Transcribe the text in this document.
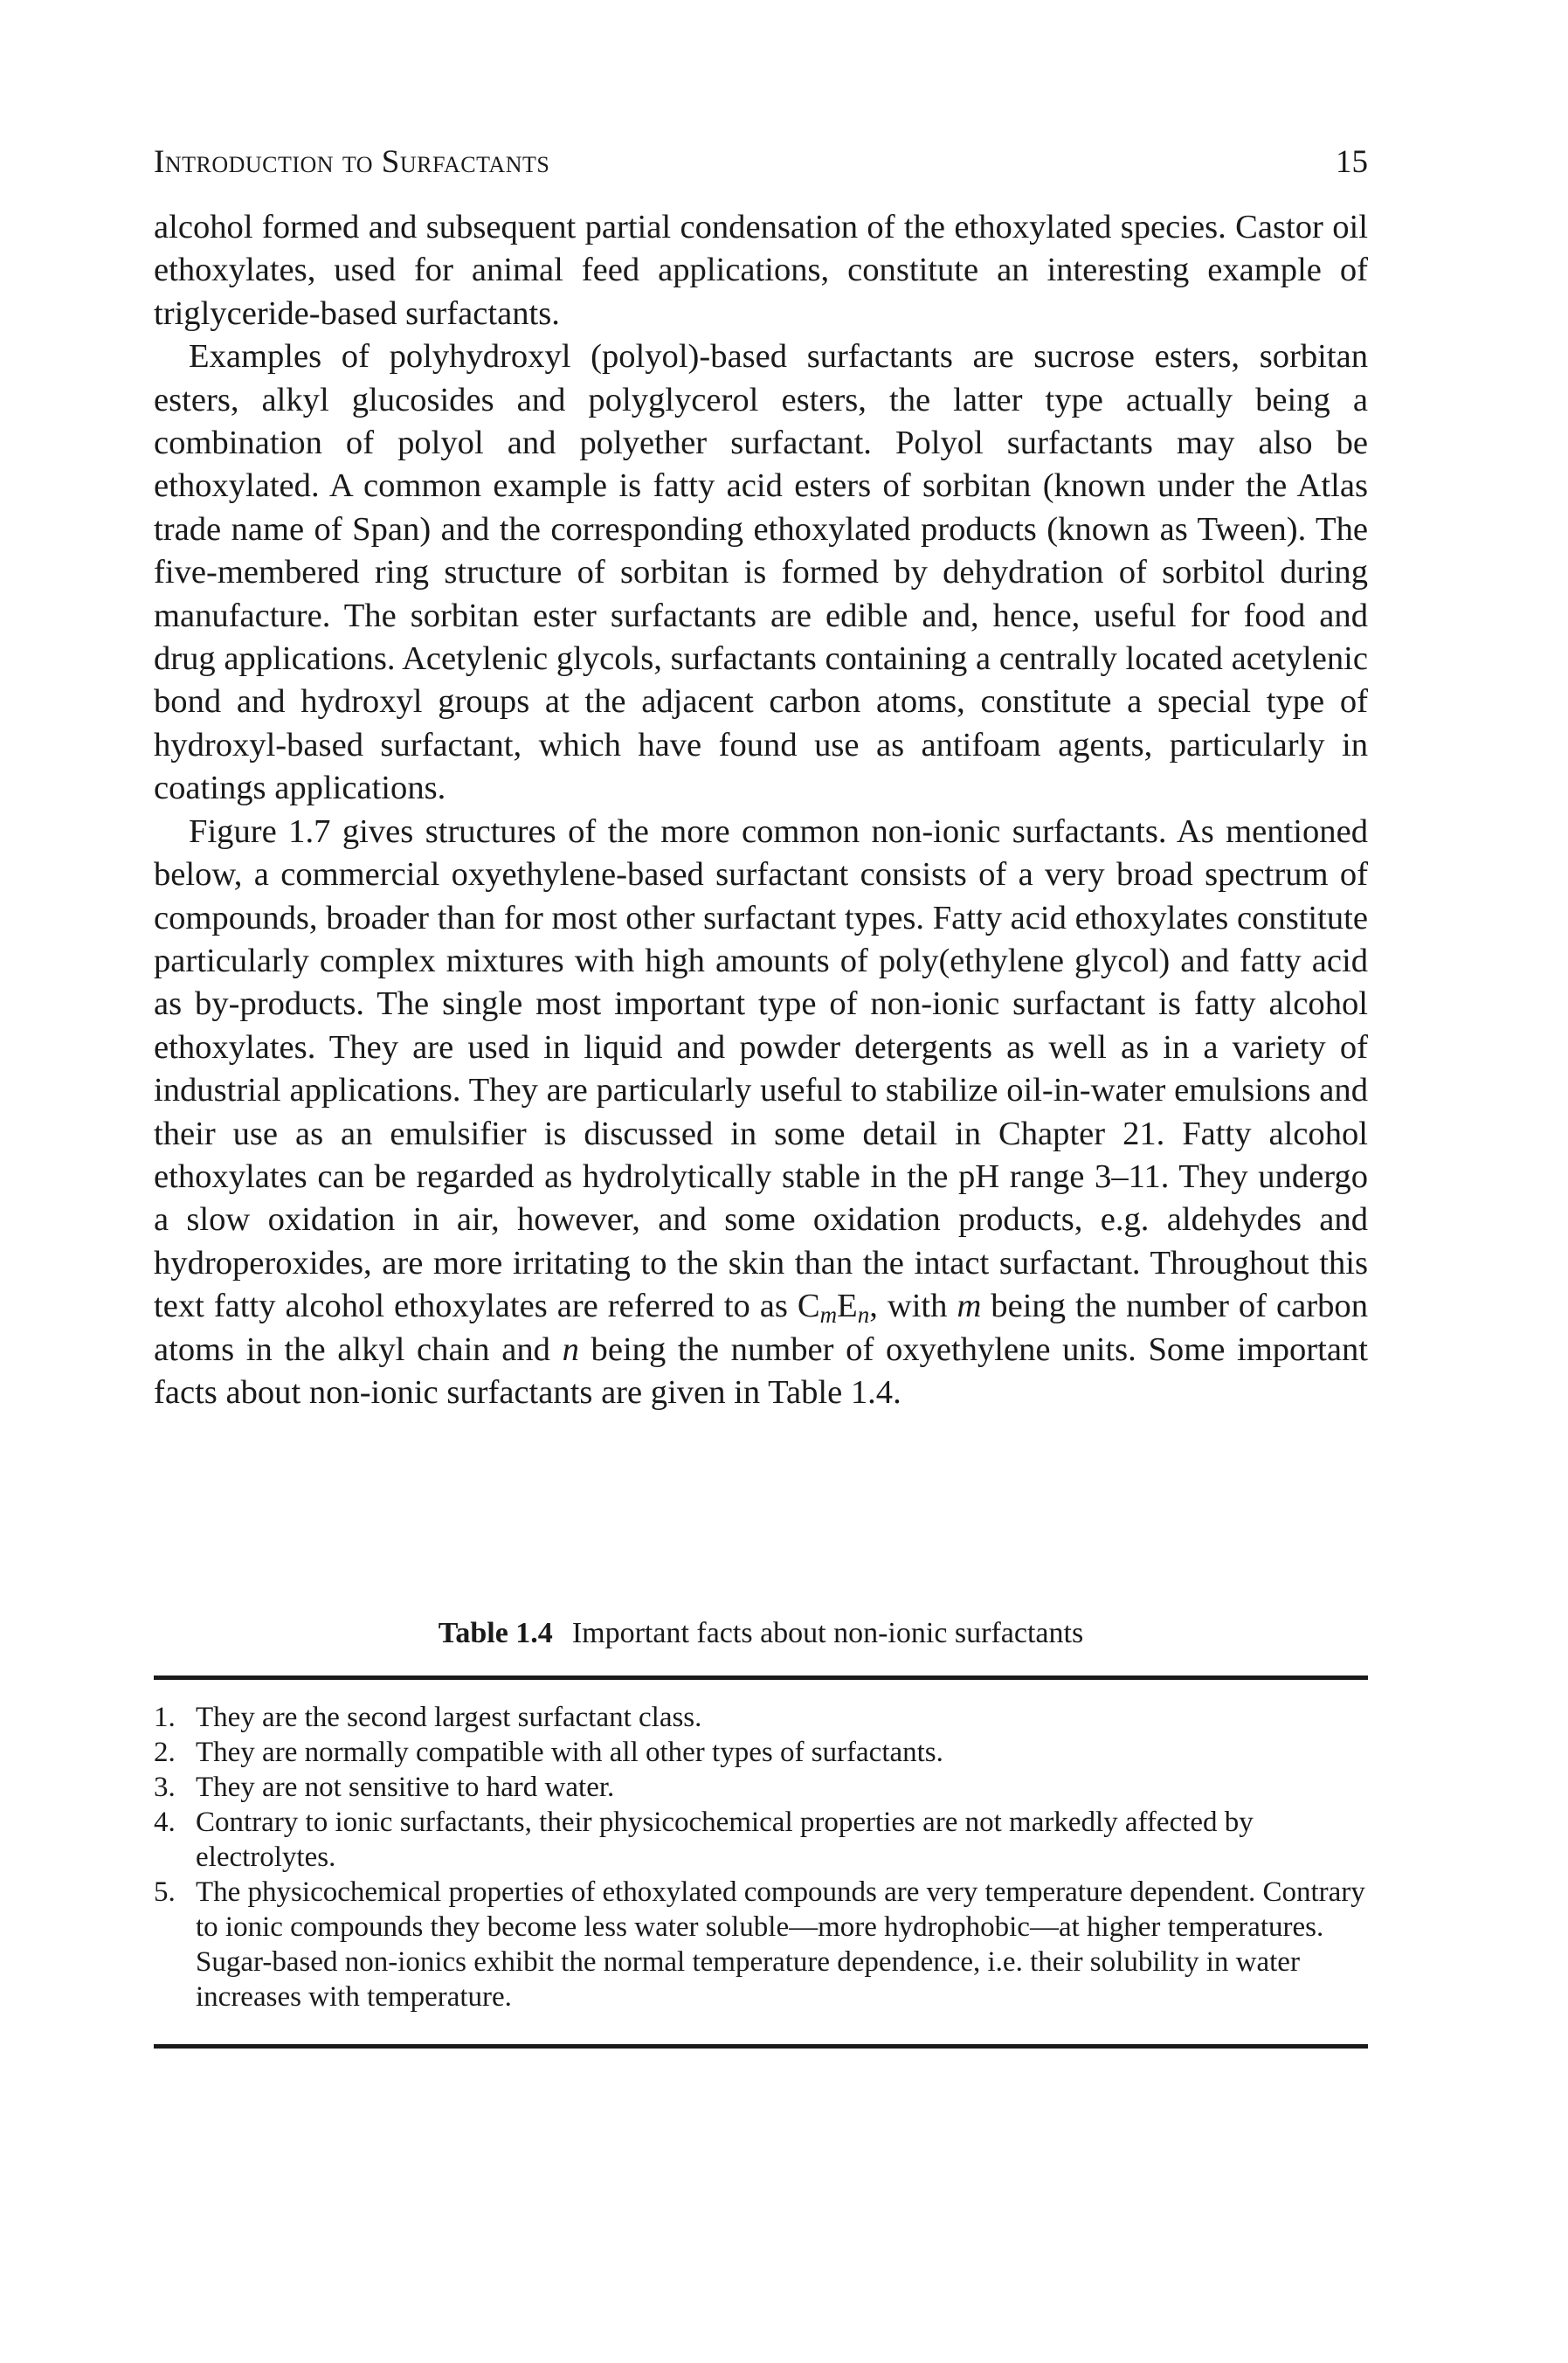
Introduction to Surfactants	15

alcohol formed and subsequent partial condensation of the ethoxylated species. Castor oil ethoxylates, used for animal feed applications, constitute an interesting example of triglyceride-based surfactants.

Examples of polyhydroxyl (polyol)-based surfactants are sucrose esters, sorbitan esters, alkyl glucosides and polyglycerol esters, the latter type actually being a combination of polyol and polyether surfactant. Polyol surfactants may also be ethoxylated. A common example is fatty acid esters of sorbitan (known under the Atlas trade name of Span) and the corresponding ethoxylated products (known as Tween). The five-membered ring structure of sorbitan is formed by dehydration of sorbitol during manufacture. The sorbitan ester surfactants are edible and, hence, useful for food and drug applications. Acetylenic glycols, surfactants containing a centrally located acetylenic bond and hydroxyl groups at the adjacent carbon atoms, constitute a special type of hydroxyl-based surfactant, which have found use as antifoam agents, particularly in coatings applications.

Figure 1.7 gives structures of the more common non-ionic surfactants. As mentioned below, a commercial oxyethylene-based surfactant consists of a very broad spectrum of compounds, broader than for most other surfactant types. Fatty acid ethoxylates constitute particularly complex mixtures with high amounts of poly(ethylene glycol) and fatty acid as by-products. The single most important type of non-ionic surfactant is fatty alcohol ethoxylates. They are used in liquid and powder detergents as well as in a variety of industrial applications. They are particularly useful to stabilize oil-in-water emulsions and their use as an emulsifier is discussed in some detail in Chapter 21. Fatty alcohol ethoxylates can be regarded as hydrolytically stable in the pH range 3–11. They undergo a slow oxidation in air, however, and some oxidation products, e.g. aldehydes and hydroperoxides, are more irritating to the skin than the intact surfactant. Throughout this text fatty alcohol ethoxylates are referred to as $C_mE_n$, with m being the number of carbon atoms in the alkyl chain and n being the number of oxyethylene units. Some important facts about non-ionic surfactants are given in Table 1.4.

Table 1.4 Important facts about non-ionic surfactants
1. They are the second largest surfactant class.
2. They are normally compatible with all other types of surfactants.
3. They are not sensitive to hard water.
4. Contrary to ionic surfactants, their physicochemical properties are not markedly affected by electrolytes.
5. The physicochemical properties of ethoxylated compounds are very temperature dependent. Contrary to ionic compounds they become less water soluble—more hydrophobic—at higher temperatures. Sugar-based non-ionics exhibit the normal temperature dependence, i.e. their solubility in water increases with temperature.
